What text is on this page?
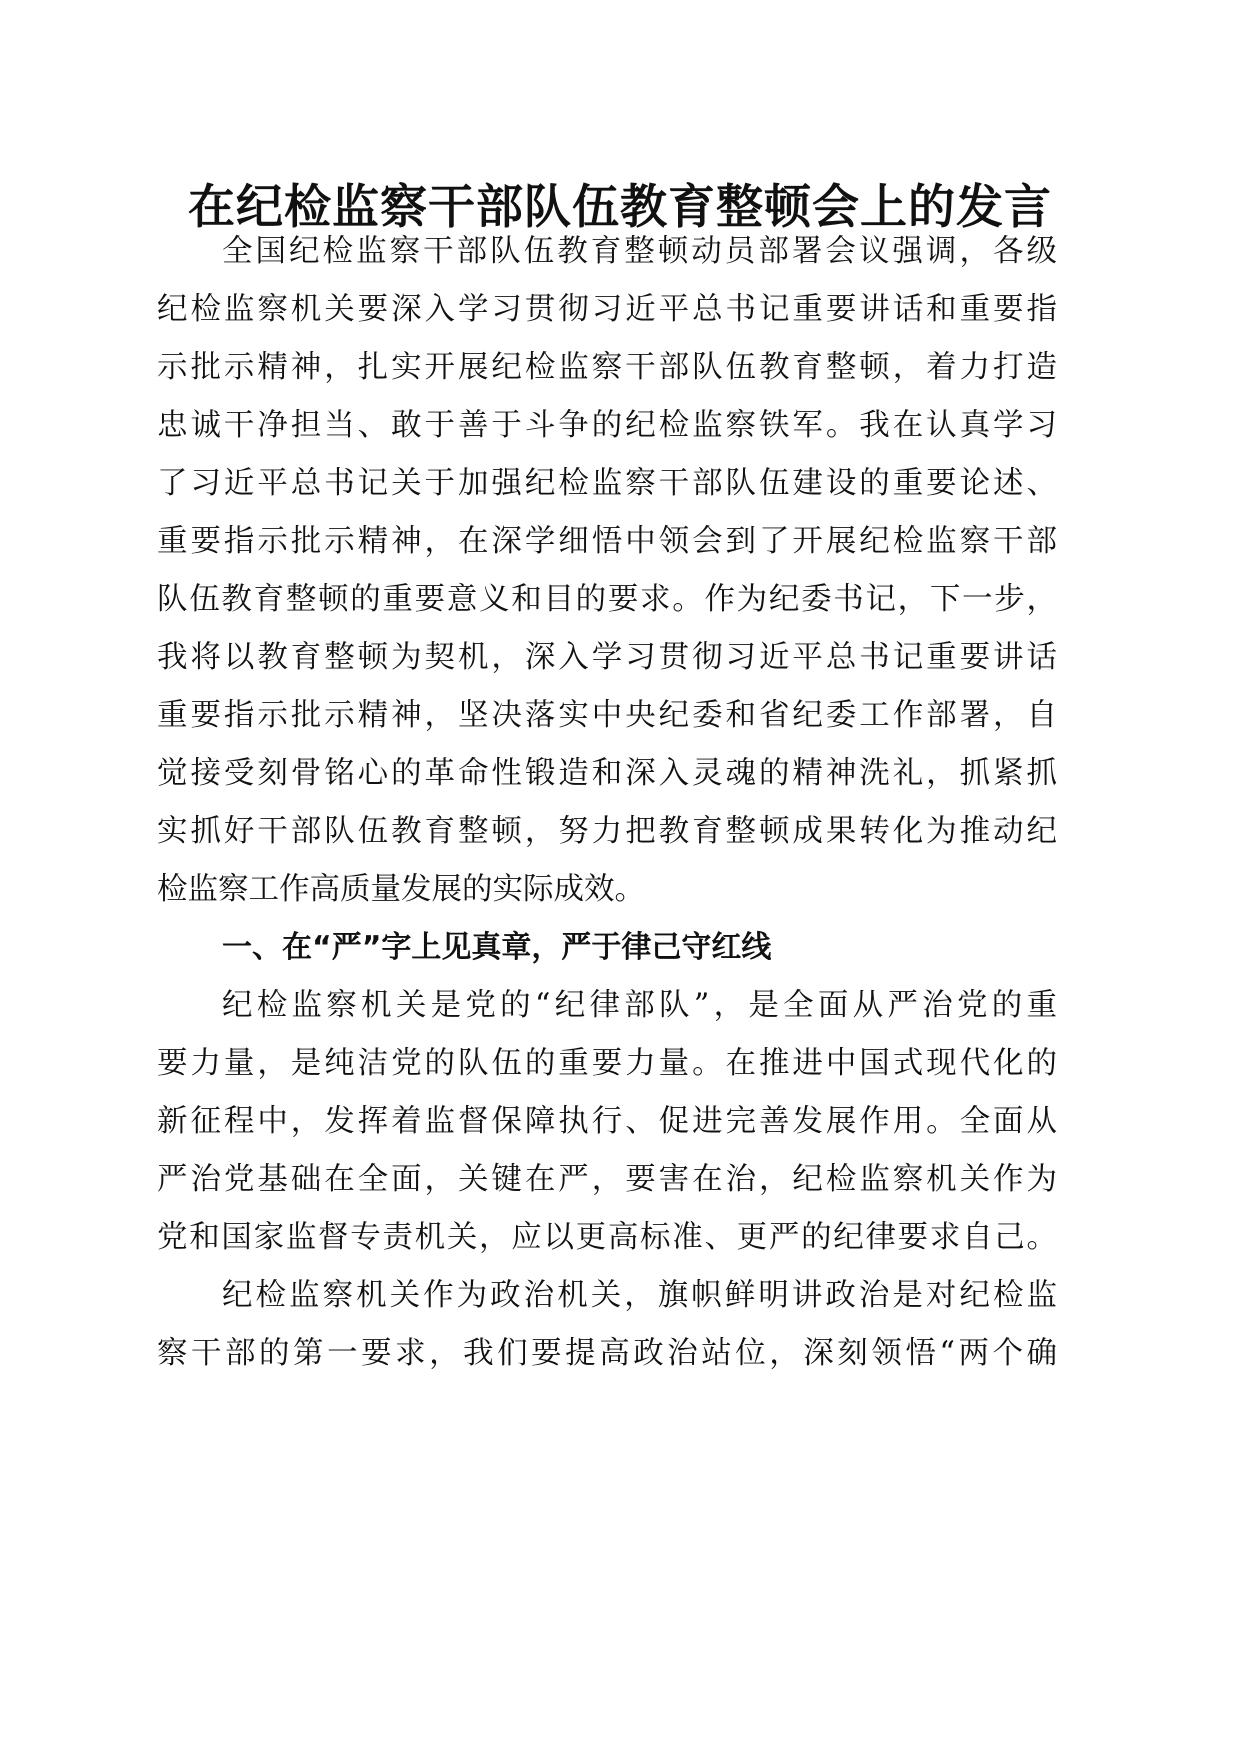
在纪检监察干部队伍教育整顿会上的发言

全国纪检监察干部队伍教育整顿动员部署会议强调，各级

纪检监察机关要深入学习贯彻习近平总书记重要讲话和重要指

示批示精神，扎实开展纪检监察干部队伍教育整顿，着力打造

忠诚干净担当、敢于善于斗争的纪检监察铁军。我在认真学习

了习近平总书记关于加强纪检监察干部队伍建设的重要论述、

重要指示批示精神，在深学细悟中领会到了开展纪检监察干部

队伍教育整顿的重要意义和目的要求。作为纪委书记，下一步，

我将以教育整顿为契机，深入学习贯彻习近平总书记重要讲话

重要指示批示精神，坚决落实中央纪委和省纪委工作部署，自

觉接受刻骨铭心的革命性锻造和深入灵魂的精神洗礼，抓紧抓

实抓好干部队伍教育整顿，努力把教育整顿成果转化为推动纪

检监察工作高质量发展的实际成效。

一、在“严”字上见真章，严于律己守红线

纪检监察机关是党的“纪律部队”，是全面从严治党的重

要力量，是纯洁党的队伍的重要力量。在推进中国式现代化的

新征程中，发挥着监督保障执行、促进完善发展作用。全面从

严治党基础在全面，关键在严，要害在治，纪检监察机关作为

党和国家监督专责机关，应以更高标准、更严的纪律要求自己。

纪检监察机关作为政治机关，旗帜鲜明讲政治是对纪检监

察干部的第一要求，我们要提高政治站位，深刻领悟“两个确
